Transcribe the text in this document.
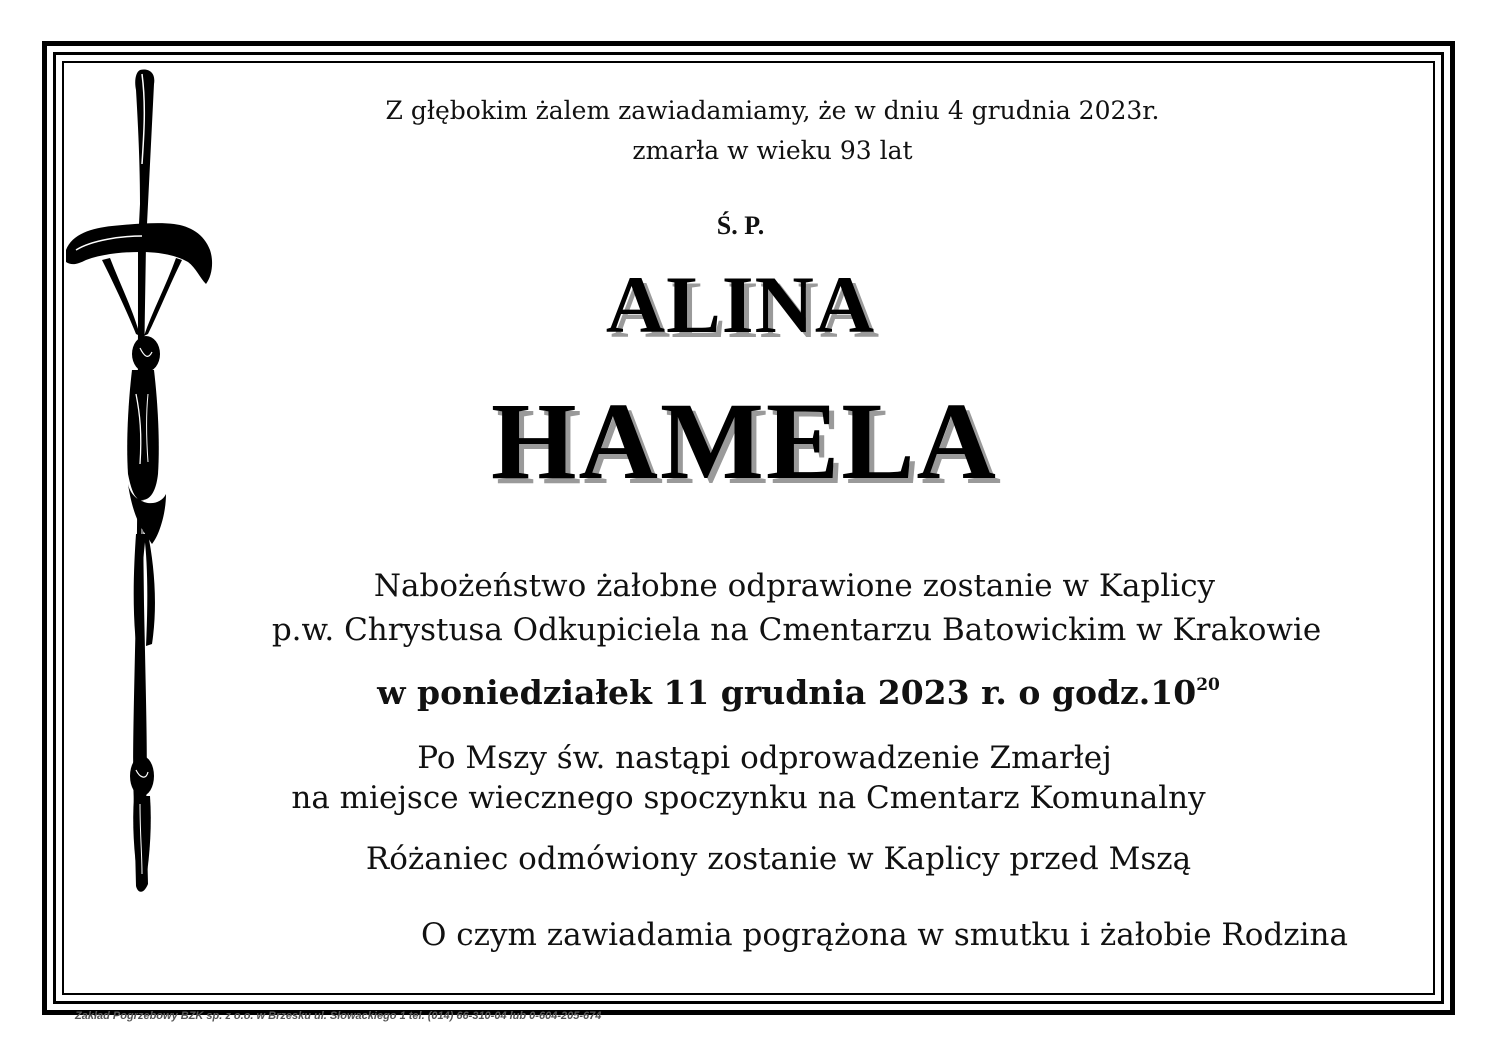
Z głębokim żalem zawiadamiamy, że w dniu 4 grudnia 2023r.
zmarła w wieku 93 lat
Ś. P.
ALINA
HAMELA
Nabożeństwo żałobne odprawione zostanie w Kaplicy
p.w. Chrystusa Odkupiciela na Cmentarzu Batowickim w Krakowie
w poniedziałek 11 grudnia 2023 r. o $godz.10^{20}$
Po Mszy św. nastąpi odprowadzenie Zmarłej
na miejsce wiecznego spoczynku na Cmentarz Komunalny
Różaniec odmówiony zostanie w Kaplicy przed Mszą
O czym zawiadamia pogrążona w smutku i żałobie Rodzina
Zakład Pogrzebowy BZK sp. z o.o. w Brzesku ul. Słowackiego 1 tel. (014) 66-310-04 lub 0-604-205-674
